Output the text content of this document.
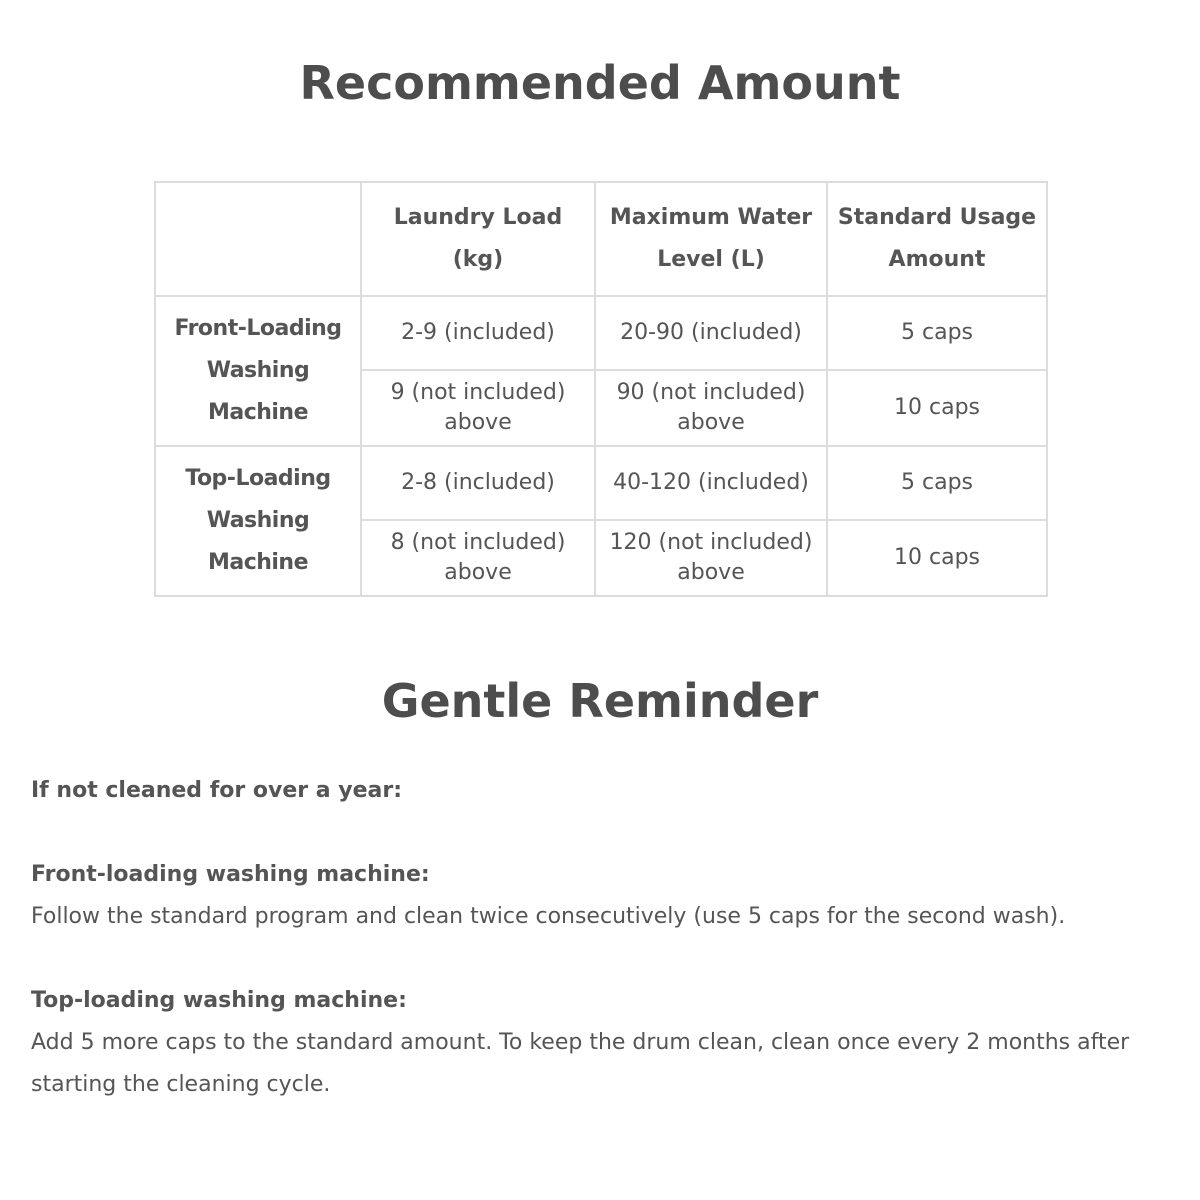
Recommended Amount
	Laundry Load (kg)	Maximum Water Level (L)	Standard Usage Amount
Front-Loading Washing Machine	2-9 (included)	20-90 (included)	5 caps
	9 (not included) above	90 (not included) above	10 caps
Top-Loading Washing Machine	2-8 (included)	40-120 (included)	5 caps
	8 (not included) above	120 (not included) above	10 caps
Gentle Reminder

If not cleaned for over a year:

Front-loading washing machine:

Follow the standard program and clean twice consecutively (use 5 caps for the second wash).

Top-loading washing machine:

Add 5 more caps to the standard amount. To keep the drum clean, clean once every 2 months after starting the cleaning cycle.
